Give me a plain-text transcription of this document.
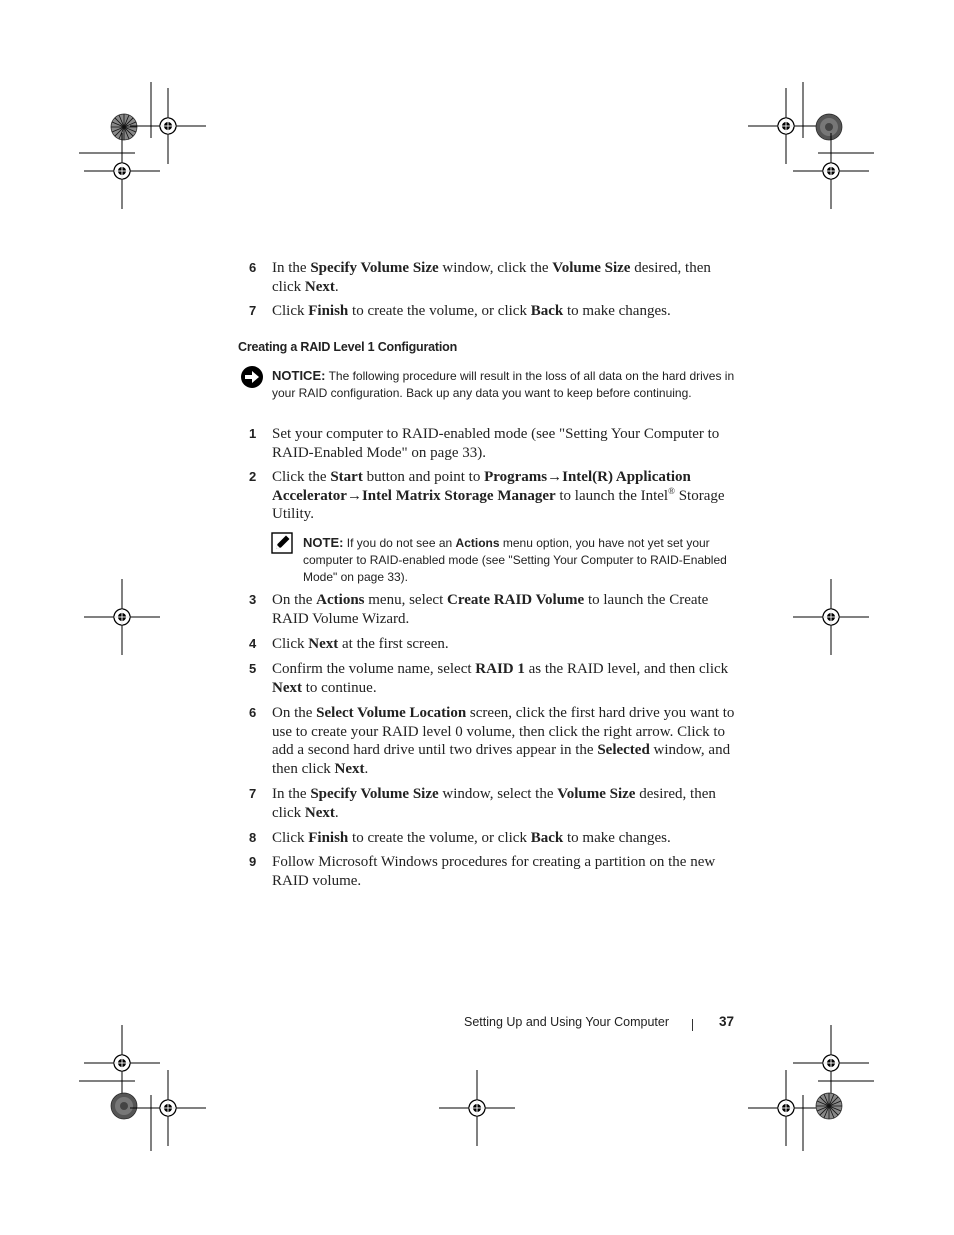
6 In the Specify Volume Size window, click the Volume Size desired, then click Next.
7 Click Finish to create the volume, or click Back to make changes.
Creating a RAID Level 1 Configuration
NOTICE: The following procedure will result in the loss of all data on the hard drives in your RAID configuration. Back up any data you want to keep before continuing.
1 Set your computer to RAID-enabled mode (see "Setting Your Computer to RAID-Enabled Mode" on page 33).
2 Click the Start button and point to Programs→Intel(R) Application Accelerator→Intel Matrix Storage Manager to launch the Intel® Storage Utility.
NOTE: If you do not see an Actions menu option, you have not yet set your computer to RAID-enabled mode (see "Setting Your Computer to RAID-Enabled Mode" on page 33).
3 On the Actions menu, select Create RAID Volume to launch the Create RAID Volume Wizard.
4 Click Next at the first screen.
5 Confirm the volume name, select RAID 1 as the RAID level, and then click Next to continue.
6 On the Select Volume Location screen, click the first hard drive you want to use to create your RAID level 0 volume, then click the right arrow. Click to add a second hard drive until two drives appear in the Selected window, and then click Next.
7 In the Specify Volume Size window, select the Volume Size desired, then click Next.
8 Click Finish to create the volume, or click Back to make changes.
9 Follow Microsoft Windows procedures for creating a partition on the new RAID volume.
Setting Up and Using Your Computer	37
